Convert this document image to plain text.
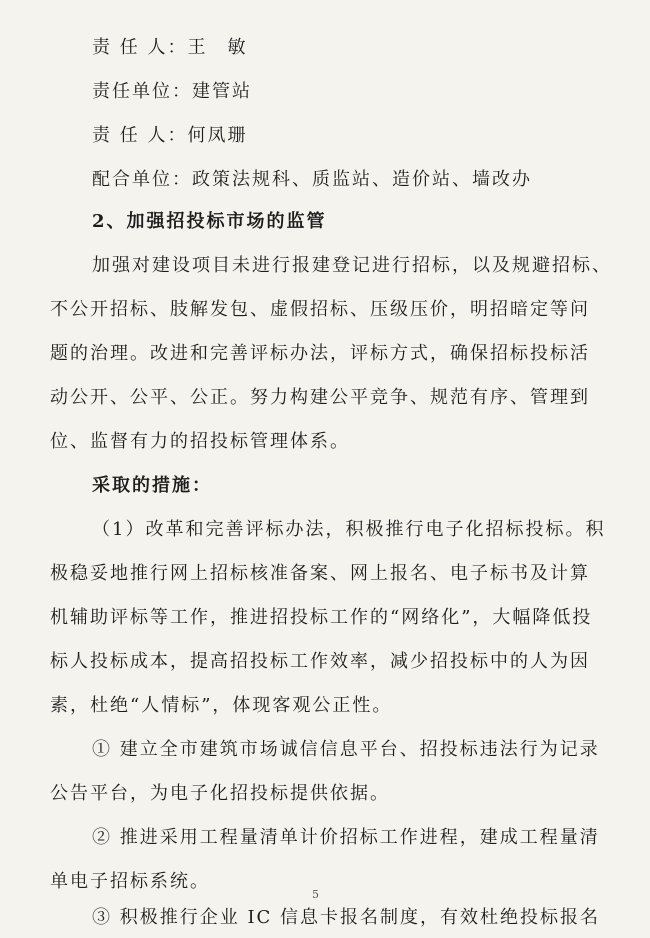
责 任 人：王　敏
责任单位：建管站
责 任 人：何凤珊
配合单位：政策法规科、质监站、造价站、墙改办
2、加强招投标市场的监管
加强对建设项目未进行报建登记进行招标，以及规避招标、
不公开招标、肢解发包、虚假招标、压级压价，明招暗定等问
题的治理。改进和完善评标办法，评标方式，确保招标投标活
动公开、公平、公正。努力构建公平竞争、规范有序、管理到
位、监督有力的招投标管理体系。
采取的措施：
（1）改革和完善评标办法，积极推行电子化招标投标。积
极稳妥地推行网上招标核准备案、网上报名、电子标书及计算
机辅助评标等工作，推进招投标工作的“网络化”，大幅降低投
标人投标成本，提高招投标工作效率，减少招投标中的人为因
素，杜绝“人情标”，体现客观公正性。
① 建立全市建筑市场诚信信息平台、招投标违法行为记录
公告平台，为电子化招投标提供依据。
② 推进采用工程量清单计价招标工作进程，建成工程量清
单电子招标系统。
③ 积极推行企业 IC 信息卡报名制度，有效杜绝投标报名
5
